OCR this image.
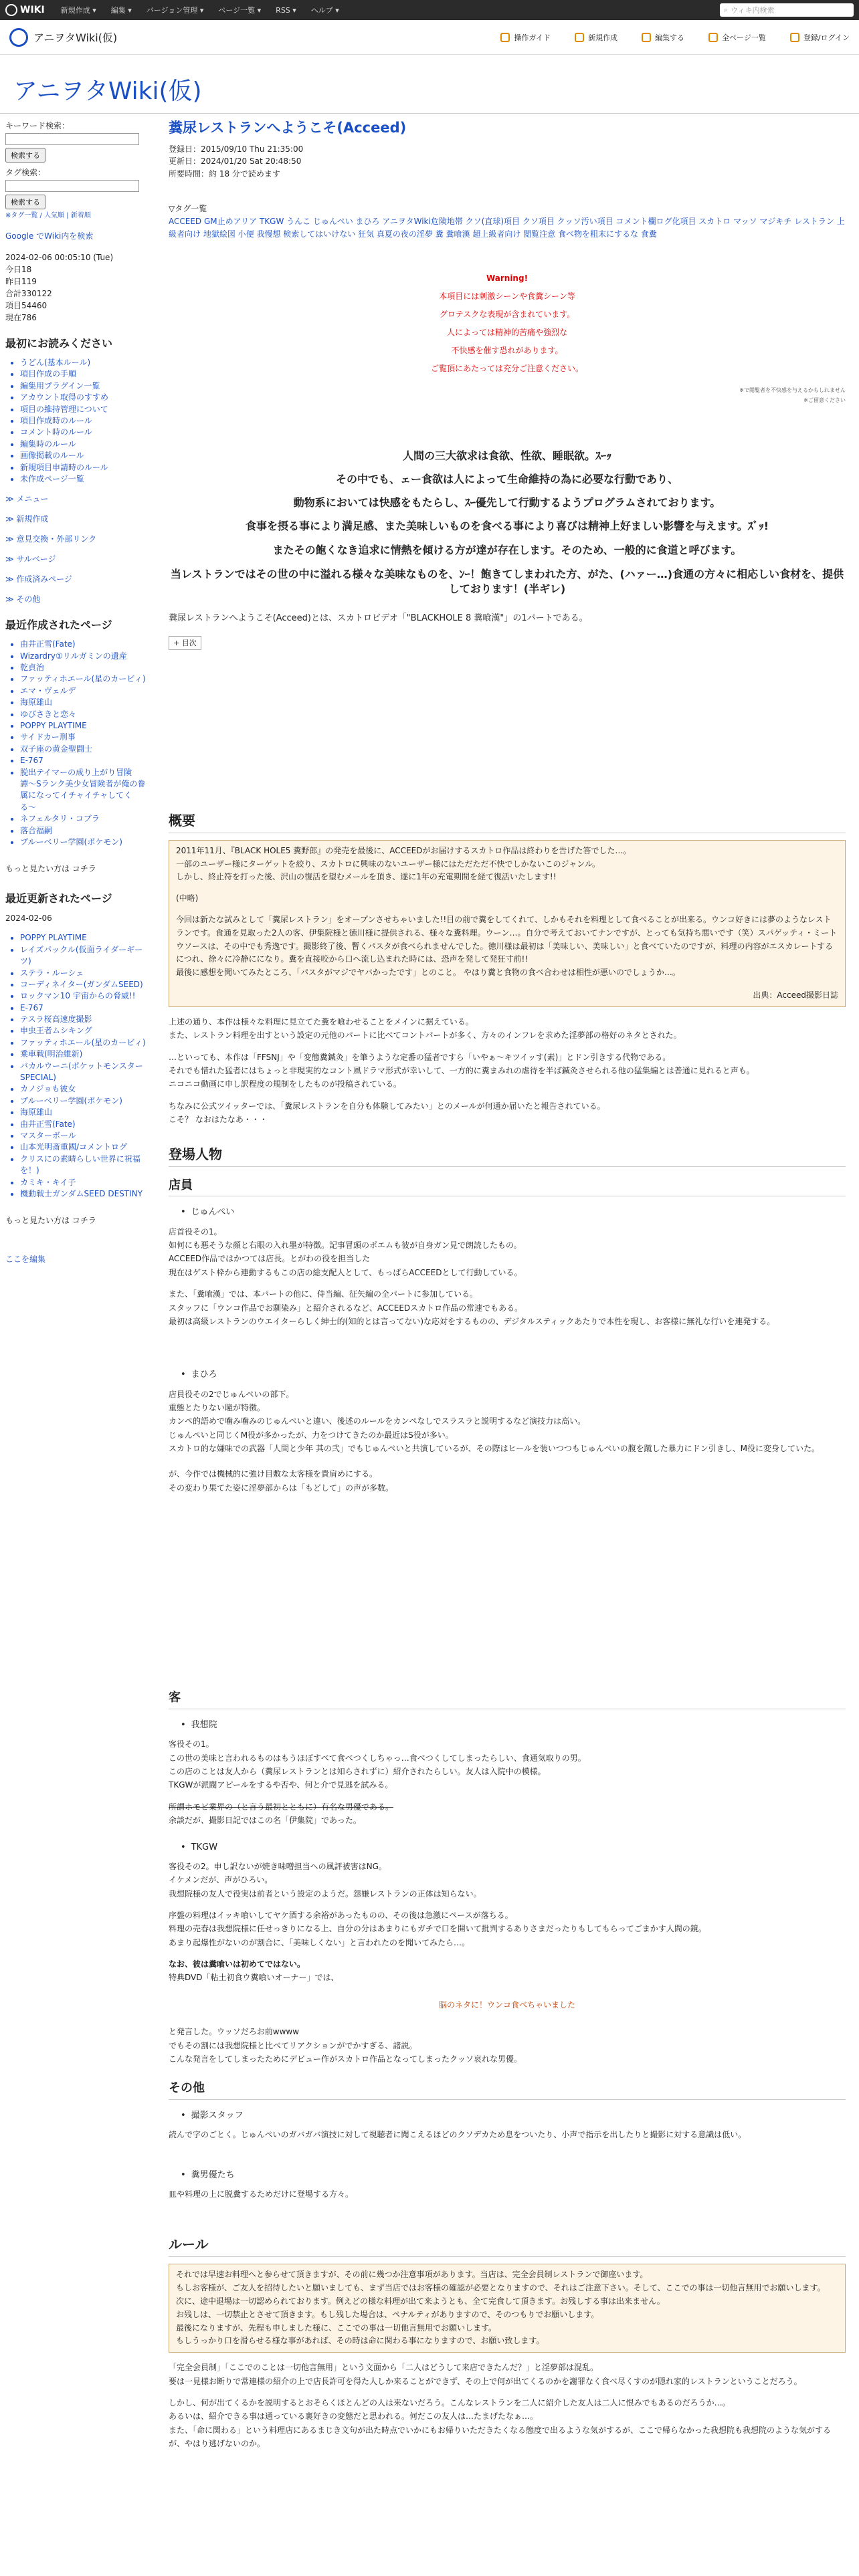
WIKI	新規作成 ▾	編集 ▾	バージョン管理 ▾	ページ一覧 ▾	RSS ▾	ヘルプ ▾	⌕ ウィキ内検索
アニヲタWiki(仮)	操作ガイド	新規作成	編集する	全ページ一覧	登録/ログイン
アニヲタWiki(仮)
キーワード検索：
検索する
タグ検索：
検索する
※タグ一覧 / 人気順 | 新着順
Google でWiki内を検索
2024-02-06 00:05:10 (Tue)
今日18
昨日119
合計330122
項目54460
現在786
最初にお読みください
• うどん(基本ルール)
• 項目作成の手順
• 編集用プラグイン一覧
• アカウント取得のすすめ
• 項目の維持管理について
• 項目作成時のルール
• コメント時のルール
• 編集時のルール
• 画像掲載のルール
• 新規項目申請時のルール
• 未作成ページ一覧
≫ メニュー
≫ 新規作成
≫ 意見交換・外部リンク
≫ サルベージ
≫ 作成済みページ
≫ その他
最近作成されたページ
• 由井正雪(Fate)
• Wizardry①リルガミンの遺産
• 乾貞治
• ファッティホエール(星のカービィ)
• エマ・ヴェルデ
• 海原雄山
• ゆびさきと恋々
• POPPY PLAYTIME
• サイドカー刑事
• 双子座の黄金聖闘士
• E-767
• 脱出テイマーの成り上がり冒険譚〜Sランク美少女冒険者が俺の眷属になってイチャイチャしてくる〜
• ネフェルタリ・コブラ
• 落合福嗣
• ブルーベリー学園(ポケモン)
もっと見たい方は コチラ
最近更新されたページ
2024-02-06
• POPPY PLAYTIME
• レイズパックル(仮面ライダーギーツ)
• ステラ・ルーシェ
• コーディネイター(ガンダムSEED)
• ロックマン10 宇宙からの脅威!!
• E-767
• テスラ桜高速度撮影
• 申虫王者ムシキング
• ファッティホエール(星のカービィ)
• 乗車戦(明治維新)
• バカルウーニ(ポケットモンスターSPECIAL)
• カノジョも彼女
• ブルーベリー学園(ポケモン)
• 海原雄山
• 由井正雪(Fate)
• マスターボール
• 山本光明斎重國/コメントログ
• クリスにの素晴らしい世界に祝福を！)
• カミキ・キイ子
• 機動戦士ガンダムSEED DESTINY
もっと見たい方は コチラ
ここを編集
糞尿レストランへようこそ(Acceed)
登録日：2015/09/10 Thu 21:35:00
更新日：2024/01/20 Sat 20:48:50
所要時間：約 18 分で読めます
▽タグ一覧
ACCEED GM止めアリア TKGW うんこ じゅんぺい まひろ アニヲタWiki危険地帯 クソ(直球)項目 クソ項目 クッソ汚い項目 コメント欄ログ化項目 スカトロ マッソ マジキチ レストラン 上級者向け 地獄絵図 小便 我慢想 検索してはいけない 狂気 真夏の夜の淫夢 糞 糞喰漢 超上級者向け 閲覧注意 食べ物を粗末にするな 食糞
Warning!
本項目には刺激シーンや食糞シーン等
グロテスクな表現が含まれています。
人によっては精神的苦痛や強烈な
不快感を催す恐れがあります。
ご覧頂にあたっては充分ご注意ください。
※で閲覧者を不快感を与えるかもしれません
※ご留意ください
人間の三大欲求は食欲、性欲、睡眠欲。ｽｰｯ
その中でも、ェー食欲は人によって生命維持の為に必要な行動であり、
動物系においては快感をもたらし、ｽｰ優先して行動するようプログラムされております。
食事を摂る事により満足感、また美味しいものを食べる事により喜びは精神上好ましい影響を与えます。ｽﾞｯ!
またその飽くなき追求に情熱を傾ける方が達が存在します。そのため、一般的に食道と呼びます。
当レストランではその世の中に溢れる様々な美味なものを、ﾝｰ！飽きてしまわれた方、がた、(ハァー…)食通の方々に相応しい食材を、提供しております！(半ギレ)
糞尿レストランへようこそ(Acceed)とは、スカトロビデオ「"BLACKHOLE 8 糞喰漢"」の1パートである。
+ 目次
概要
2011年11月、『BLACK HOLE5 糞野郎』の発売を最後に、ACCEEDがお届けするスカトロ作品は終わりを告げた答でした…。
一部のユーザー様にターゲットを絞り、スカトロに興味のないユーザー様にはただただ不快でしかないこのジャンル。
しかし、終止符を打った後、沢山の復活を望むメールを頂き、遂に1年の充電期間を経て復活いたします!!
(中略)
今回は新たな試みとして「糞尿レストラン」をオープンさせちゃいました!!目の前で糞をしてくれて、しかもそれを料理として食べることが出来る。ウンコ好きには夢のようなレストランです。食通を見取った2人の客、伊集院様と徳川様に提供される、様々な糞料理。ウーン…。自分で考えておいてナンですが、とっても気持ち悪いです（笑）スパゲッティ・ミートウソースは、その中でも秀逸です。撮影終了後、暫くパスタが食べられませんでした。徳川様は最初は「美味しい、美味しい」と食べていたのですが、料理の内容がエスカレートするにつれ、徐々に冷静にになり。糞を直接咬から口へ流し込まれた時には、恐声を発して発狂寸前!!
最後に感想を聞いてみたところ、「パスタがマジでヤバかったです」とのこと。 やはり糞と食物の食べ合わせは相性が悪いのでしょうか…。
出典：Acceed撮影日誌
上述の通り、本作は様々な料理に見立てた糞を喰わせることをメインに据えている。
また、レストラン料理を出すという設定の元他のパートに比べてコントパートが多く、方々のインフレを求めた淫夢部の格好のネタとされた。
…といっても、本作は「FFSNJ」や「変態糞鍼灸」を筆うような定番の猛者ですら「いやぁ〜キツイッす(素)」とドン引きする代物である。
それでも惜れた猛者にはちょっと非現実的なコント風ドラマ形式が幸いして、一方的に糞まみれの虐待を半ば鍼灸させられる他の猛集編とは普通に見れると声も。
ニコニコ動画に申し訳程度の規制をしたものが投稿されている。
ちなみに公式ツイッターでは、「糞尿レストランを自分も体験してみたい」とのメールが何通か届いたと報告されている。
こそ？ なおはたなあ・・・
登場人物
店員
• じゅんぺい
店首役その1。
如何にも悪そうな顔と右眼の入れ墨が特徴。記事冒頭のポエムも彼が自身ガン見で朗読したもの。
ACCEED作品ではかつては店長。とがわの役を担当した
現在はゲスト枠から連動するもこの店の総支配人として、もっぱらACCEEDとして行動している。
また、「糞喰漢」では、本パートの他に、侍当編、征矢編の全パートに参加している。
スタッフに「ウンコ作品でお馴染み」と紹介されるなど、ACCEEDスカトロ作品の常連でもある。
最初は高級レストランのウエイターらしく紳士的(知的とは言ってない)な応対をするものの、デジタルスティックあたりで本性を現し、お客様に無礼な行いを連発する。
• まひろ
店員役その2でじゅんぺいの部下。
重態とたりない瞳が特徴。
カンペ的語めで噛み噛みのじゅんぺいと違い、後述のルールをカンペなしでスラスラと説明するなど演技力は高い。
じゅんぺいと同じくM役が多かったが、力をつけてきたのか最近はS役が多い。
スカトロ的な嫌味での武器「人間と少年 其の弐」でもじゅんぺいと共演しているが、その際はヒールを装いつつもじゅんぺいの腹を蹴した暴力にドン引きし、M役に変身していた。
が、今作では機械的に強け目敷な太客様を貴肩めにする。
その変わり果てた姿に淫夢部からは「もどして」の声が多数。
客
• 我想院
客役その1。
この世の美味と言われるものはもうほぼすべて食べつくしちゃっ…食べつくしてしまったらしい、食通気取りの男。
この店のことは友人から（糞尿レストランとは知らされずに）紹介されたらしい。友人は入院中の模様。
TKGWが派閥アピールをするや否や、何と介で見逃を試みる。
所謂ホモビ業界の（と言う最初とともに）有名な男優である。
余談だが、撮影日記ではこの名「伊集院」であった。
• TKGW
客役その2。申し訳ないが焼き味噌担当への風評被害はNG。
イケメンだが、声がひろい。
我想院様の友人で役実は前者という設定のようだ。怨嫌レストランの正体は知らない。
序盤の料理はイッキ喰いしてヤケ酒する余裕があったものの、その後は急激にペースが落ちる。
料理の売春は我想院様に任せっきりになる上、自分の分はあまりにもガチで口を開いて批判するありさまだったりもしてもらってごまかす人間の鏡。
あまり起爆性がないのが割合に、「美味しくない」と言われたのを聞いてみたら…。
なお、彼は糞喰いは初めてではない。
特典DVD「粘土初食ウ糞喰いオーナー」では、
脳のネタに！ウンコ食べちゃいました
と発言した。ウッソだろお前wwww
でもその割には我想院様と比べてリアクションがでかすぎる、諸説。
こんな発言をしてしまったためにデビュー作がスカトロ作品となってしまったクッソ哀れな男優。
その他
• 撮影スタッフ
読んで字のごとく。じゅんぺいのガバガバ演技に対して視聴者に聞こえるほどのクソデカため息をついたり、小声で指示を出したりと撮影に対する意識は低い。
• 糞男優たち
皿や料理の上に脱糞するためだけに登場する方々。
ルール
それでは早速お料理へと参らせて頂きますが、その前に幾つか注意事項があります。当店は、完全会員制レストランで御座います。
もしお客様が、ご友人を招待したいと願いましても、まず当店ではお客様の確認が必要となりますので、それはご注意下さい。そして、ここでの事は一切他言無用でお願いします。
次に、途中退場は一切認められております。例えどの様な料理が出て来ようとも、全て完食して頂きます。お残しする事は出来ません。
お残しは、一切禁止とさせて頂きます。もし残した場合は、ペナルティがありますので、そのつもりでお願いします。
最後になりますが、先程も申しました様に、ここでの事は一切他言無用でお願いします。
もしうっかり口を滑らせる様な事があれば、その時は命に関わる事になりますので、お願い致します。
「完全会員制」「ここでのことは一切他言無用」という文面から「二人はどうして来店できたんだ？」と淫夢部は混乱。
要は一見様お断りで常連様の紹介の上で店長許可を得た人しか来ることができず、その上で何が出てくるのかを謝罪なく食べ尽くすのが隠れ家的レストランということだろう。
しかし、何が出てくるかを説明するとおそらくほとんどの人は来ないだろう。こんなレストランを二人に紹介した友人は二人に恨みでもあるのだろうか…。
あるいは、紹介できる事は通っている裏好きの変態だと思われる。何だこの友人は…たまげたなぁ…。
また、「命に関わる」という料理店にあるまじき文句が出た時点でいかにもお帰りいただきたくなる態度で出るような気がするが、ここで帰らなかった我想院も我想院のような気がするが、やはり逃げないのか。
